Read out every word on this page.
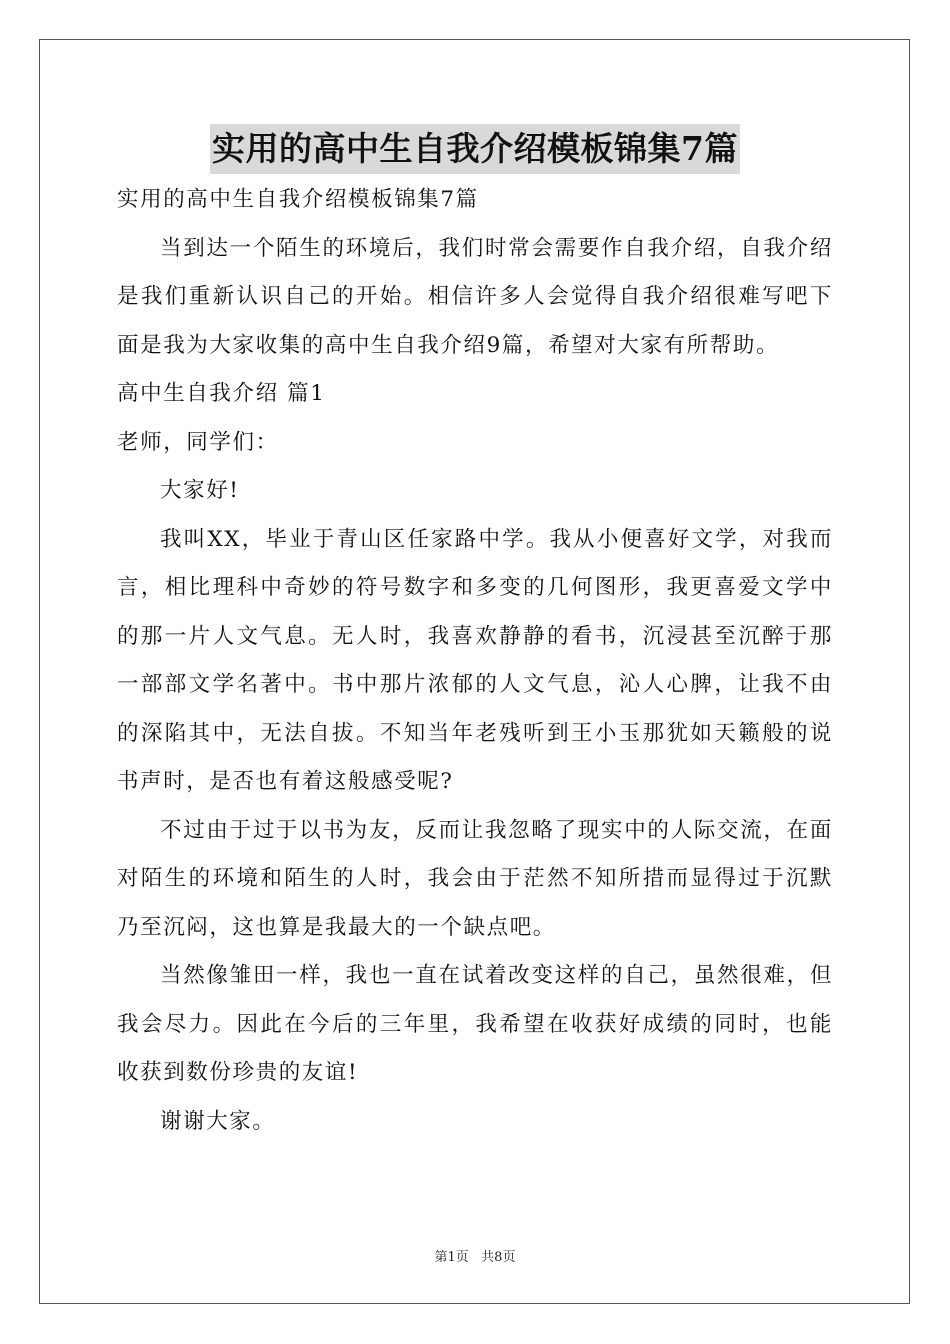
实用的高中生自我介绍模板锦集7篇

实用的高中生自我介绍模板锦集7篇

当到达一个陌生的环境后，我们时常会需要作自我介绍，自我介绍是我们重新认识自己的开始。相信许多人会觉得自我介绍很难写吧下面是我为大家收集的高中生自我介绍9篇，希望对大家有所帮助。

高中生自我介绍 篇1

老师，同学们：

大家好!

我叫XX，毕业于青山区任家路中学。我从小便喜好文学，对我而言，相比理科中奇妙的符号数字和多变的几何图形，我更喜爱文学中的那一片人文气息。无人时，我喜欢静静的看书，沉浸甚至沉醉于那一部部文学名著中。书中那片浓郁的人文气息，沁人心脾，让我不由的深陷其中，无法自拔。不知当年老残听到王小玉那犹如天籁般的说书声时，是否也有着这般感受呢?

不过由于过于以书为友，反而让我忽略了现实中的人际交流，在面对陌生的环境和陌生的人时，我会由于茫然不知所措而显得过于沉默乃至沉闷，这也算是我最大的一个缺点吧。

当然像雏田一样，我也一直在试着改变这样的自己，虽然很难，但我会尽力。因此在今后的三年里，我希望在收获好成绩的同时，也能收获到数份珍贵的友谊!

谢谢大家。

第1页   共8页
